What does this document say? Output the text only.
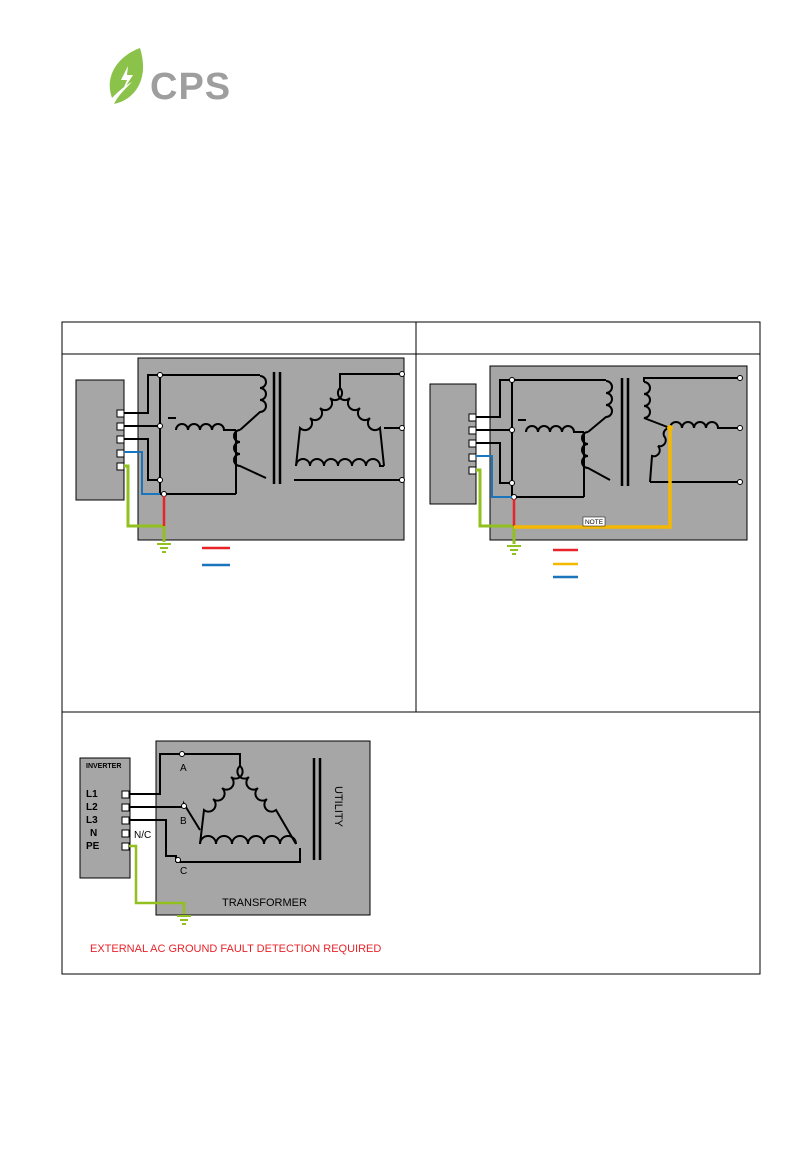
CPS
NOTE
INVERTER
L1
L2
L3
N
PE
N/C
A
B
C
UTILITY
TRANSFORMER
EXTERNAL AC GROUND FAULT DETECTION REQUIRED
